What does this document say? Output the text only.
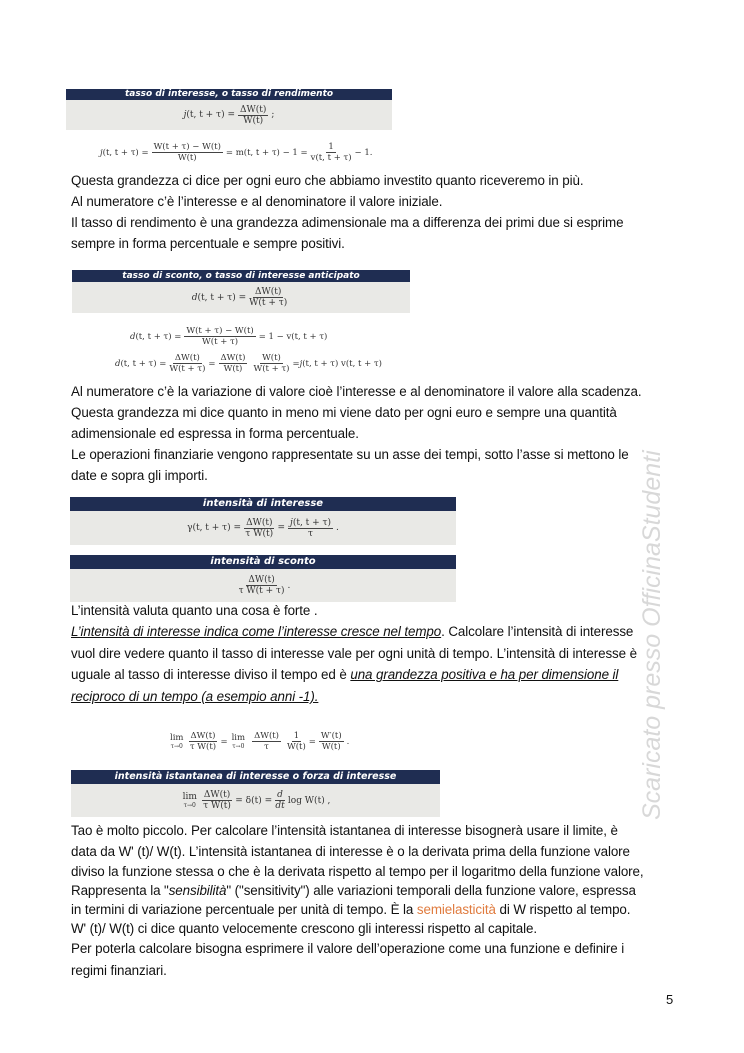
tasso di interesse, o tasso di rendimento
j (t, t + τ) =
ΔW(t)
W(t)
;
j (t, t + τ) =
W(t + τ) − W(t)
W(t)
= m(t, t + τ) − 1 =
1
v(t, t + τ)
− 1.
Questa grandezza ci dice per ogni euro che abbiamo investito quanto riceveremo in più.
Al numeratore c’è l’interesse e al denominatore il valore iniziale.
Il tasso di rendimento è una grandezza adimensionale ma a differenza dei primi due si esprime
sempre in forma percentuale e sempre positivi.
tasso di sconto, o tasso di interesse anticipato
d (t, t + τ) =
ΔW(t)
W(t + τ)
d (t, t + τ) =
W(t + τ) − W(t)
W(t + τ)
= 1 − v(t, t + τ)
d (t, t + τ) =
ΔW(t)
W(t + τ)
=
ΔW(t)
W(t)
W(t)
W(t + τ)
= j (t, t + τ) v(t, t + τ)
Al numeratore c’è la variazione di valore cioè l’interesse e al denominatore il valore alla scadenza.
Questa grandezza mi dice quanto in meno mi viene dato per ogni euro e sempre una quantità
adimensionale ed espressa in forma percentuale.
Le operazioni finanziarie vengono rappresentate su un asse dei tempi, sotto l’asse si mettono le
date e sopra gli importi.
intensità di interesse
γ(t, t + τ) =
ΔW(t)
τ W(t)
=
j(t, t + τ)
τ
.
intensità di sconto
ΔW(t)
τ W(t + τ)
.
L’intensità valuta quanto una cosa è forte .
L’intensità di interesse indica come l’interesse cresce nel tempo. Calcolare l’intensità di interesse
vuol dire vedere quanto il tasso di interesse vale per ogni unità di tempo. L’intensità di interesse è
uguale al tasso di interesse diviso il tempo ed è una grandezza positiva e ha per dimensione il
reciproco di un tempo (a esempio anni -1).
lim
τ→0
ΔW(t)
τ W(t)
= lim
τ→0
ΔW(t)
τ
1
W(t)
=
W′(t)
W(t)
.
intensità istantanea di interesse o forza di interesse
lim
τ→0
ΔW(t)
τ W(t)
= δ(t) =
d
dt
log W(t) ,
Tao è molto piccolo. Per calcolare l’intensità istantanea di interesse bisognerà usare il limite, è
data da W' (t)/ W(t). L’intensità istantanea di interesse è o la derivata prima della funzione valore
diviso la funzione stessa o che è la derivata rispetto al tempo per il logaritmo della funzione valore,
Rappresenta la "sensibilità" ("sensitivity") alle variazioni temporali della funzione valore, espressa
in termini di variazione percentuale per unità di tempo. È la semielasticità di W rispetto al tempo.
W' (t)/ W(t) ci dice quanto velocemente crescono gli interessi rispetto al capitale.
Per poterla calcolare bisogna esprimere il valore dell’operazione come una funzione e definire i
regimi finanziari.
Scaricato presso OfficinaStudenti
5
